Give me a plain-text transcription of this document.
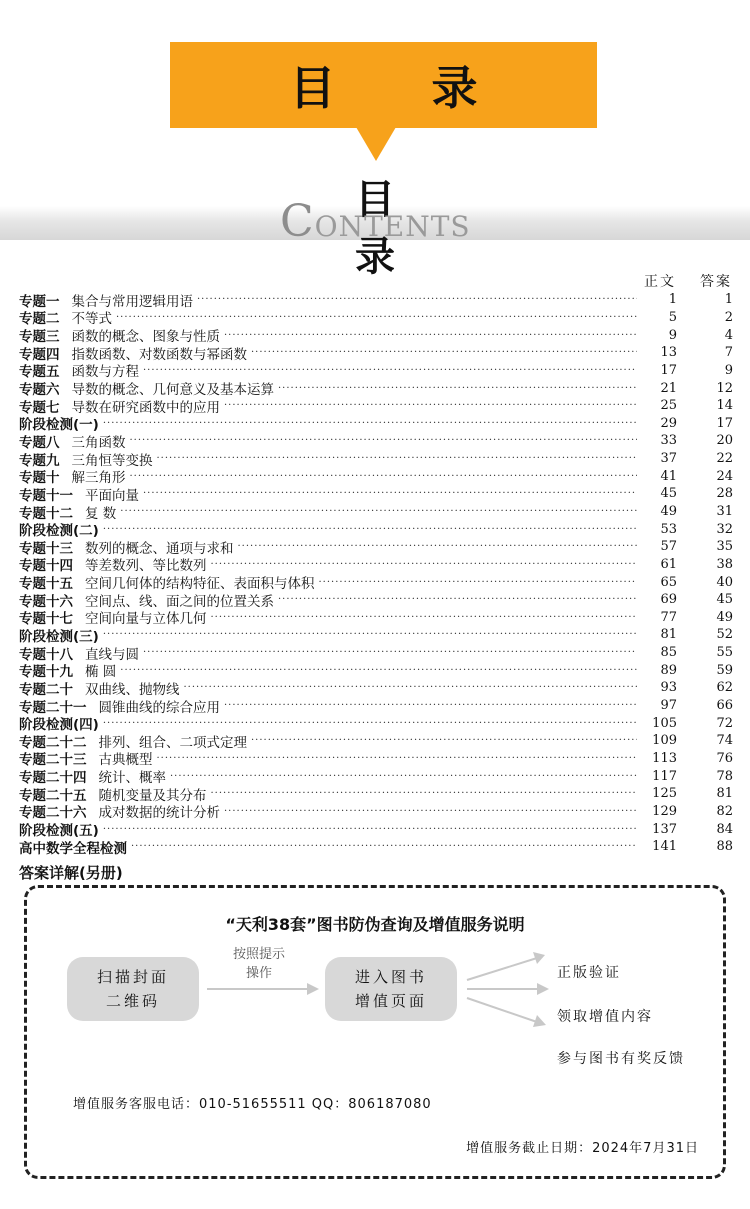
目 录
目 录
CONTENTS
正文 答案
专题一 集合与常用逻辑用语 ·····	1	1
专题二 不等式 ·····	5	2
专题三 函数的概念、图象与性质 ·····	9	4
专题四 指数函数、对数函数与幂函数 ·····	13	7
专题五 函数与方程 ·····	17	9
专题六 导数的概念、几何意义及基本运算 ·····	21	12
专题七 导数在研究函数中的应用 ·····	25	14
阶段检测(一) ·····	29	17
专题八 三角函数 ·····	33	20
专题九 三角恒等变换 ·····	37	22
专题十 解三角形 ·····	41	24
专题十一 平面向量 ·····	45	28
专题十二 复 数 ·····	49	31
阶段检测(二) ·····	53	32
专题十三 数列的概念、通项与求和 ·····	57	35
专题十四 等差数列、等比数列 ·····	61	38
专题十五 空间几何体的结构特征、表面积与体积 ·····	65	40
专题十六 空间点、线、面之间的位置关系 ·····	69	45
专题十七 空间向量与立体几何 ·····	77	49
阶段检测(三) ·····	81	52
专题十八 直线与圆 ·····	85	55
专题十九 椭 圆 ·····	89	59
专题二十 双曲线、抛物线 ·····	93	62
专题二十一 圆锥曲线的综合应用 ·····	97	66
阶段检测(四) ·····	105	72
专题二十二 排列、组合、二项式定理 ·····	109	74
专题二十三 古典概型 ·····	113	76
专题二十四 统计、概率 ·····	117	78
专题二十五 随机变量及其分布 ·····	125	81
专题二十六 成对数据的统计分析 ·····	129	82
阶段检测(五) ·····	137	84
高中数学全程检测 ·····	141	88
答案详解(另册)
“天利38套”图书防伪查询及增值服务说明
扫描封面
二维码
按照提示
操作	进入图书
增值页面
正版验证
领取增值内容
参与图书有奖反馈
增值服务客服电话：010-51655511 QQ：806187080
增值服务截止日期：2024年7月31日
